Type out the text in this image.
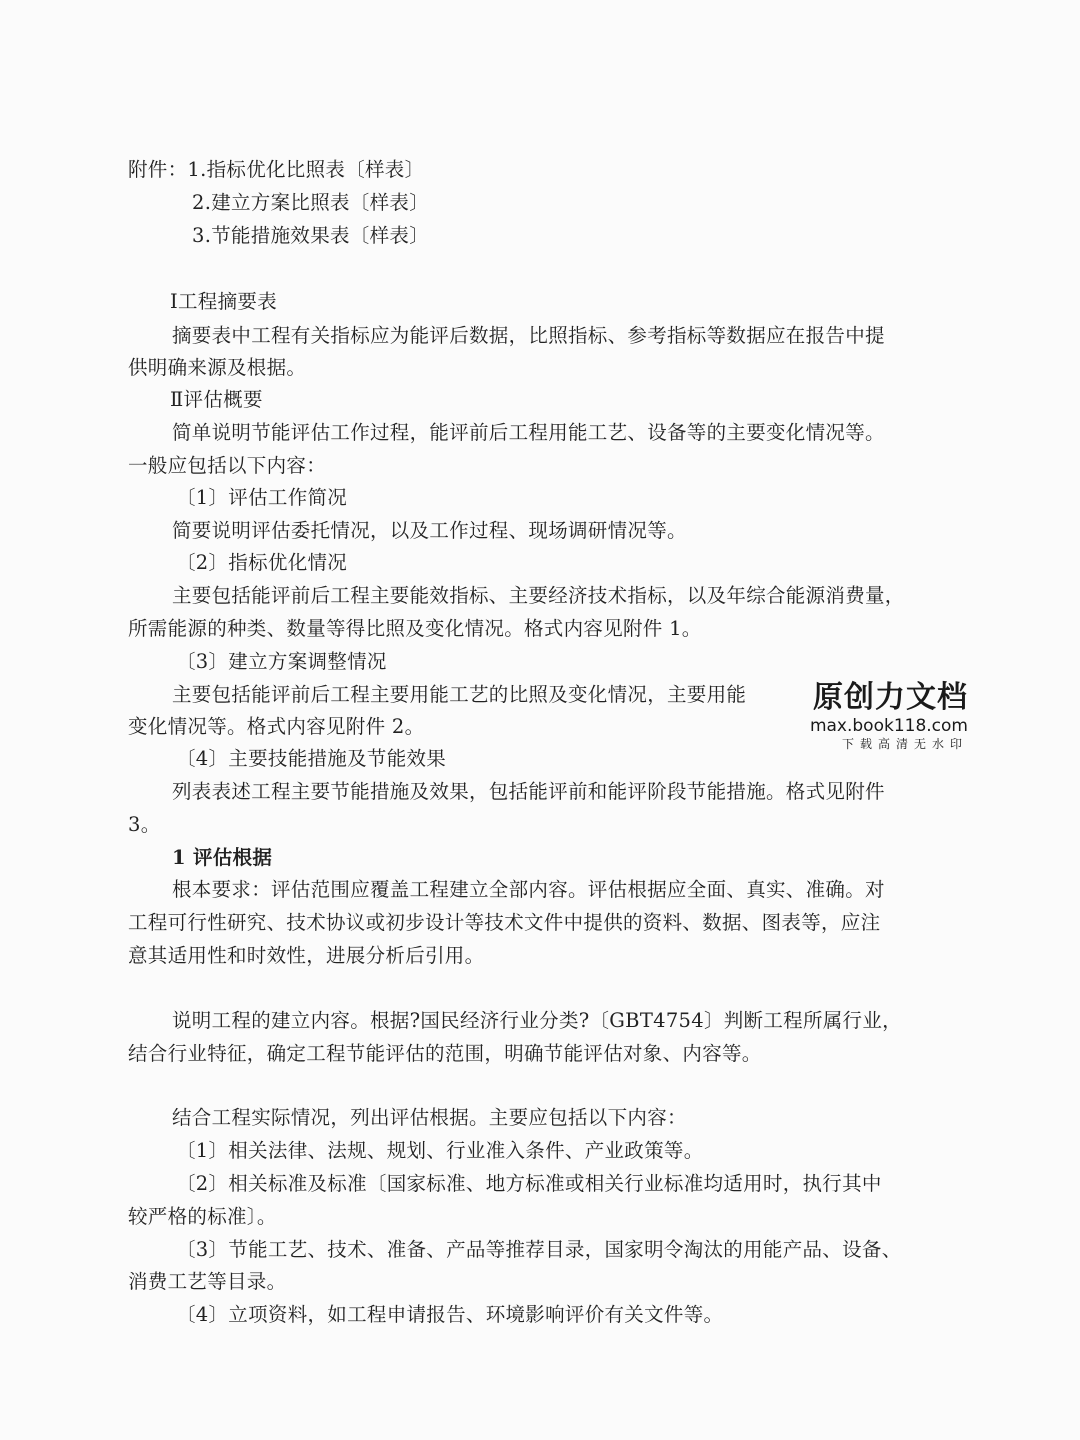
附件：1.指标优化比照表〔样表〕
2.建立方案比照表〔样表〕
3.节能措施效果表〔样表〕
Ⅰ工程摘要表
摘要表中工程有关指标应为能评后数据，比照指标、参考指标等数据应在报告中提
供明确来源及根据。
Ⅱ评估概要
简单说明节能评估工作过程，能评前后工程用能工艺、设备等的主要变化情况等。
一般应包括以下内容：
〔1〕评估工作简况
简要说明评估委托情况，以及工作过程、现场调研情况等。
〔2〕指标优化情况
主要包括能评前后工程主要能效指标、主要经济技术指标，以及年综合能源消费量，
所需能源的种类、数量等得比照及变化情况。格式内容见附件 1。
〔3〕建立方案调整情况
主要包括能评前后工程主要用能工艺的比照及变化情况，主要用能
变化情况等。格式内容见附件 2。
〔4〕主要技能措施及节能效果
列表表述工程主要节能措施及效果，包括能评前和能评阶段节能措施。格式见附件
3。
1 评估根据
根本要求：评估范围应覆盖工程建立全部内容。评估根据应全面、真实、准确。对
工程可行性研究、技术协议或初步设计等技术文件中提供的资料、数据、图表等，应注
意其适用性和时效性，进展分析后引用。
说明工程的建立内容。根据?国民经济行业分类?〔GBT4754〕判断工程所属行业，
结合行业特征，确定工程节能评估的范围，明确节能评估对象、内容等。
结合工程实际情况，列出评估根据。主要应包括以下内容：
〔1〕相关法律、法规、规划、行业准入条件、产业政策等。
〔2〕相关标准及标准〔国家标准、地方标准或相关行业标准均适用时，执行其中
较严格的标准〕。
〔3〕节能工艺、技术、准备、产品等推荐目录，国家明令淘汰的用能产品、设备、
消费工艺等目录。
〔4〕立项资料，如工程申请报告、环境影响评价有关文件等。
原创力文档
max.book118.com
下载高清无水印
